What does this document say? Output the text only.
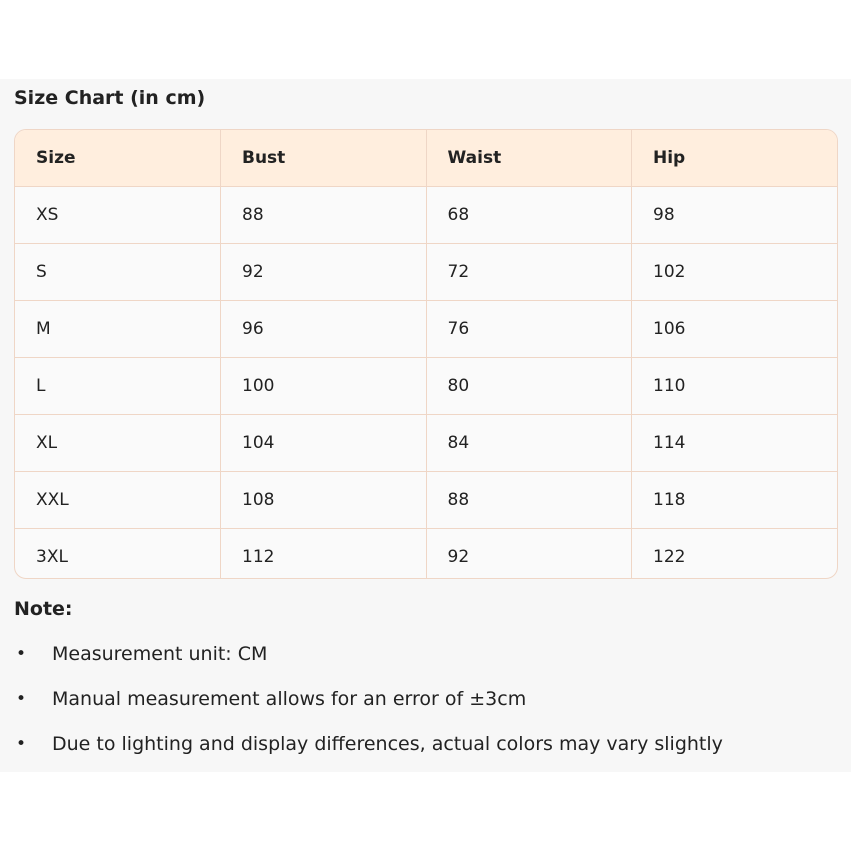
Size Chart (in cm)
Size	Bust	Waist	Hip
XS	88	68	98
S	92	72	102
M	96	76	106
L	100	80	110
XL	104	84	114
XXL	108	88	118
3XL	112	92	122
Note:
• Measurement unit: CM
• Manual measurement allows for an error of ±3cm
• Due to lighting and display differences, actual colors may vary slightly
